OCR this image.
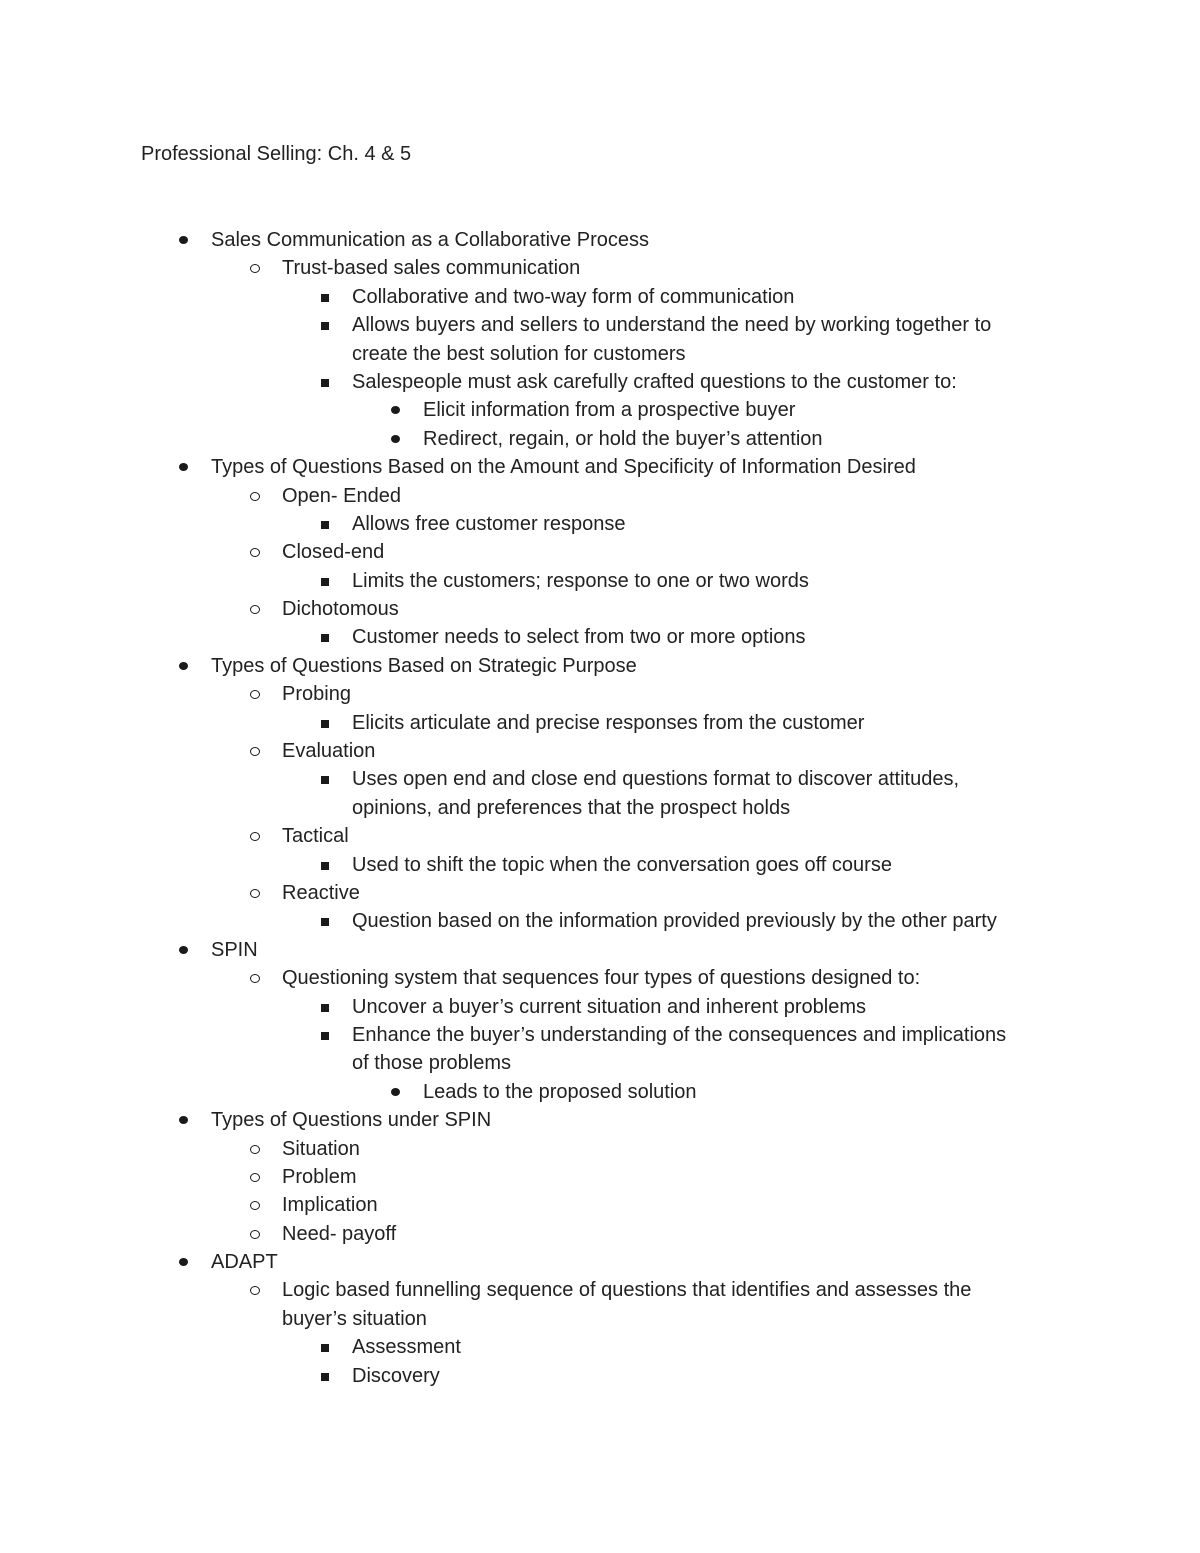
Professional Selling: Ch. 4 & 5
Sales Communication as a Collaborative Process
Trust-based sales communication
Collaborative and two-way form of communication
Allows buyers and sellers to understand the need by working together to
create the best solution for customers
Salespeople must ask carefully crafted questions to the customer to:
Elicit information from a prospective buyer
Redirect, regain, or hold the buyer’s attention
Types of Questions Based on the Amount and Specificity of Information Desired
Open- Ended
Allows free customer response
Closed-end
Limits the customers; response to one or two words
Dichotomous
Customer needs to select from two or more options
Types of Questions Based on Strategic Purpose
Probing
Elicits articulate and precise responses from the customer
Evaluation
Uses open end and close end questions format to discover attitudes,
opinions, and preferences that the prospect holds
Tactical
Used to shift the topic when the conversation goes off course
Reactive
Question based on the information provided previously by the other party
SPIN
Questioning system that sequences four types of questions designed to:
Uncover a buyer’s current situation and inherent problems
Enhance the buyer’s understanding of the consequences and implications
of those problems
Leads to the proposed solution
Types of Questions under SPIN
Situation
Problem
Implication
Need- payoff
ADAPT
Logic based funnelling sequence of questions that identifies and assesses the
buyer’s situation
Assessment
Discovery
